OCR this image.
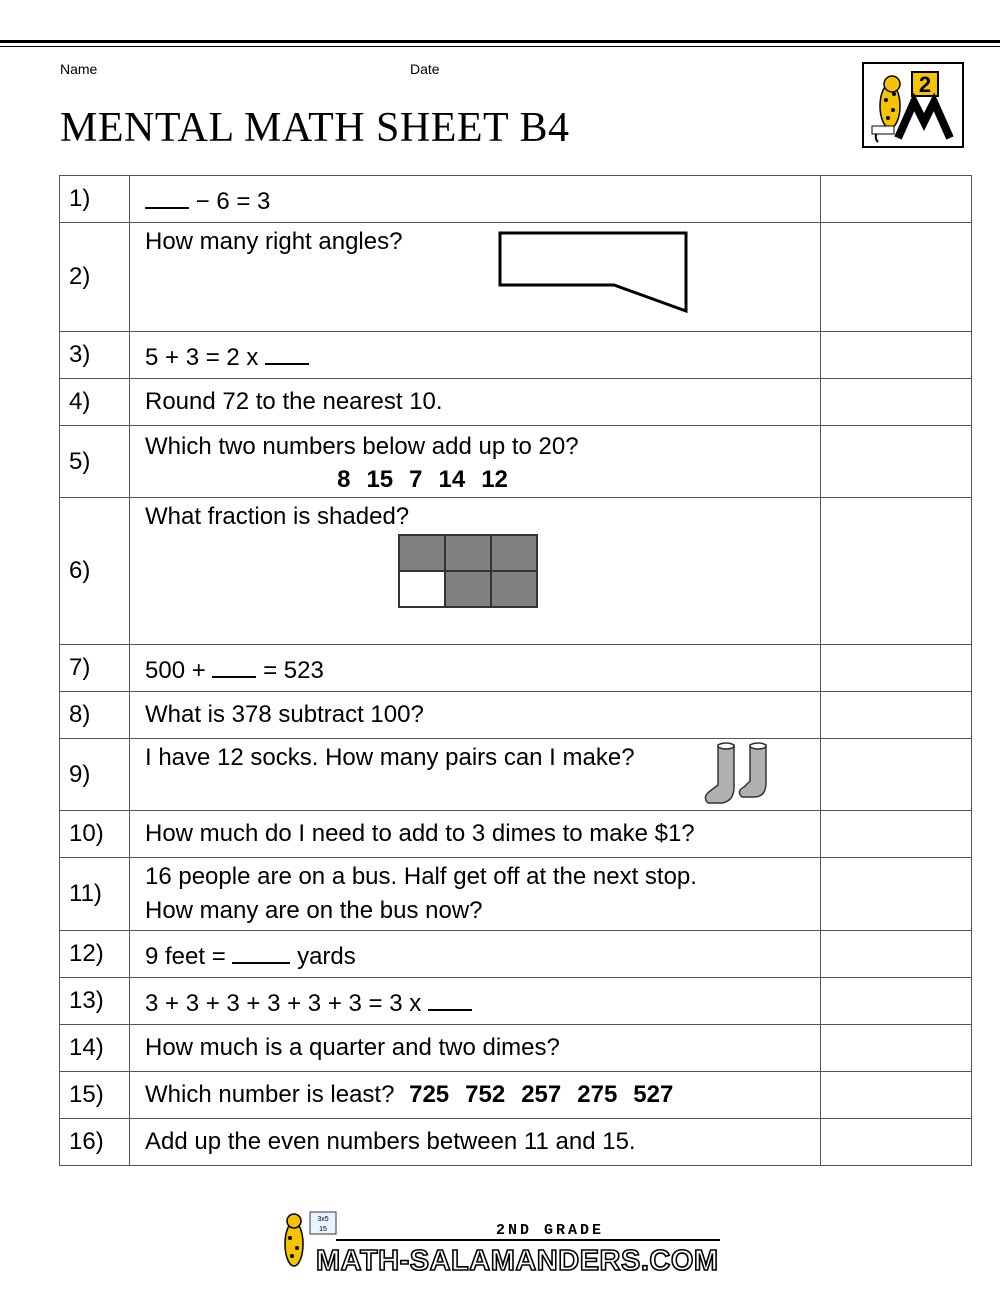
Name	Date
MENTAL MATH SHEET B4
2
1)	− 6 = 3	
2)	How many right angles?	

3)	5 + 3 = 2 x	
4)	Round 72 to the nearest 10.	
5)	Which two numbers below add up to 20?
8 15 7 14 12	

6)	What fraction is shaded?	

7)	500 +  = 523	
8)	What is 378 subtract 100?	
9)	I have 12 socks. How many pairs can I make?	

10)	How much do I need to add to 3 dimes to make $1?	
11)	16 people are on a bus. Half get off at the next stop.
How many are on the bus now?	

12)	9 feet =  yards	
13)	3 + 3 + 3 + 3 + 3 + 3 = 3 x	
14)	How much is a quarter and two dimes?	
15)	Which number is least? 725 752 257 275 527	
16)	Add up the even numbers between 11 and 15.	
3x5
15	2ND GRADE
MATH-SALAMANDERS.COM
